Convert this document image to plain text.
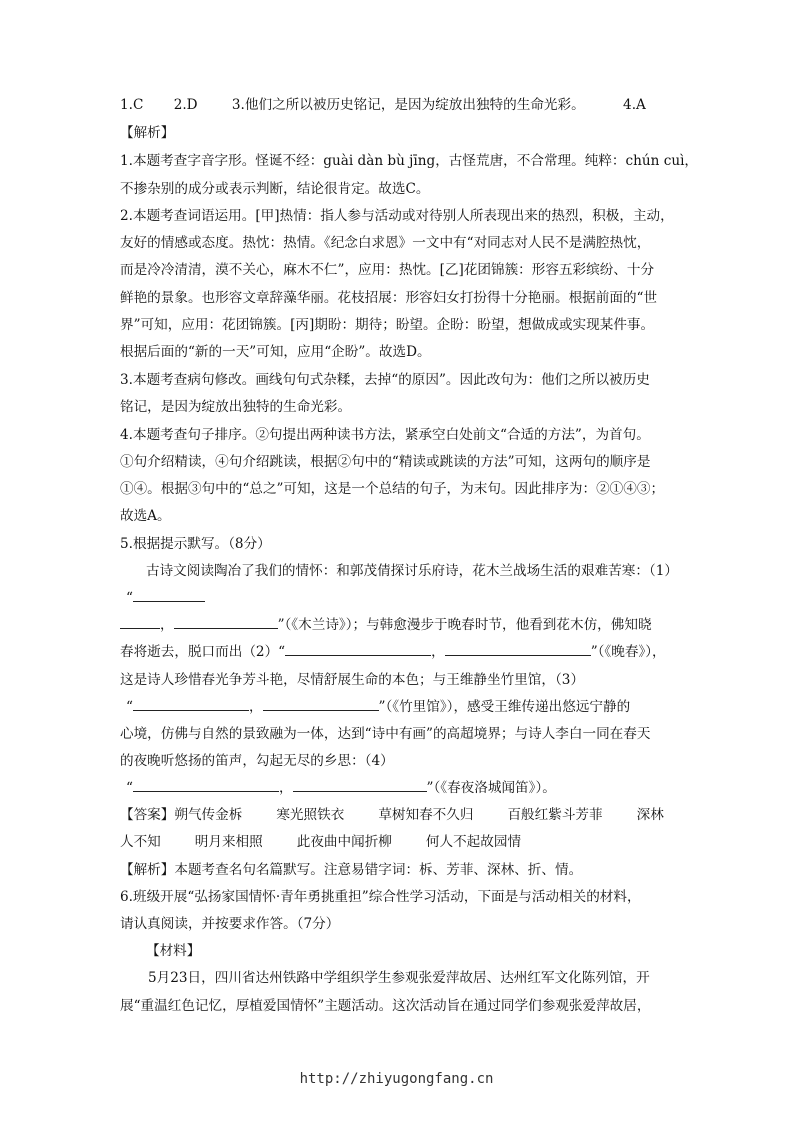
1.C 2.D	3.他们之所以被历史铭记，是因为绽放出独特的生命光彩。	4.A
【解析】
1.本题考查字音字形。怪诞不经：guài dàn bù jīng，古怪荒唐，不合常理。纯粹：chún cuì，
不掺杂别的成分或表示判断，结论很肯定。故选C。
2.本题考查词语运用。[甲]热情：指人参与活动或对待别人所表现出来的热烈，积极，主动，
友好的情感或态度。热忱：热情。《纪念白求恩》一文中有“对同志对人民不是满腔热忱，
而是冷冷清清，漠不关心，麻木不仁”，应用：热忱。[乙]花团锦簇：形容五彩缤纷、十分
鲜艳的景象。也形容文章辞藻华丽。花枝招展：形容妇女打扮得十分艳丽。根据前面的“世
界”可知，应用：花团锦簇。[丙]期盼：期待；盼望。企盼：盼望，想做成或实现某件事。
根据后面的“新的一天”可知，应用“企盼”。故选D。
3.本题考查病句修改。画线句句式杂糅，去掉“的原因”。因此改句为：他们之所以被历史
铭记，是因为绽放出独特的生命光彩。
4.本题考查句子排序。②句提出两种读书方法，紧承空白处前文“合适的方法”，为首句。
①句介绍精读，④句介绍跳读，根据②句中的“精读或跳读的方法”可知，这两句的顺序是
①④。根据③句中的“总之”可知，这是一个总结的句子，为末句。因此排序为：②①④③；
故选A。
5.根据提示默写。（8分）
古诗文阅读陶冶了我们的情怀：和郭茂倩探讨乐府诗，花木兰战场生活的艰难苦寒：（1）
“
，	”（《木兰诗》）；与韩愈漫步于晚春时节，他看到花木仿，佛知晓
春将逝去，脱口而出（2）“	，	”（《晚春》），
这是诗人珍惜春光争芳斗艳，尽情舒展生命的本色；与王维静坐竹里馆，（3）
“	，	”（《竹里馆》），感受王维传递出悠远宁静的
心境，仿佛与自然的景致融为一体，达到“诗中有画”的高超境界；与诗人李白一同在春天
的夜晚听悠扬的笛声，勾起无尽的乡思：（4）
“	，	”（《春夜洛城闻笛》）。
【答案】朔气传金柝	寒光照铁衣	草树知春不久归	百般红紫斗芳菲	深林
人不知	明月来相照	此夜曲中闻折柳	何人不起故园情
【解析】本题考查名句名篇默写。注意易错字词：柝、芳菲、深林、折、情。
6.班级开展“弘扬家国情怀·青年勇挑重担”综合性学习活动，下面是与活动相关的材料，
请认真阅读，并按要求作答。（7分）
【材料】
5月23日，四川省达州铁路中学组织学生参观张爱萍故居、达州红军文化陈列馆，开
展“重温红色记忆，厚植爱国情怀”主题活动。这次活动旨在通过同学们参观张爱萍故居，
http://zhiyugongfang.cn
